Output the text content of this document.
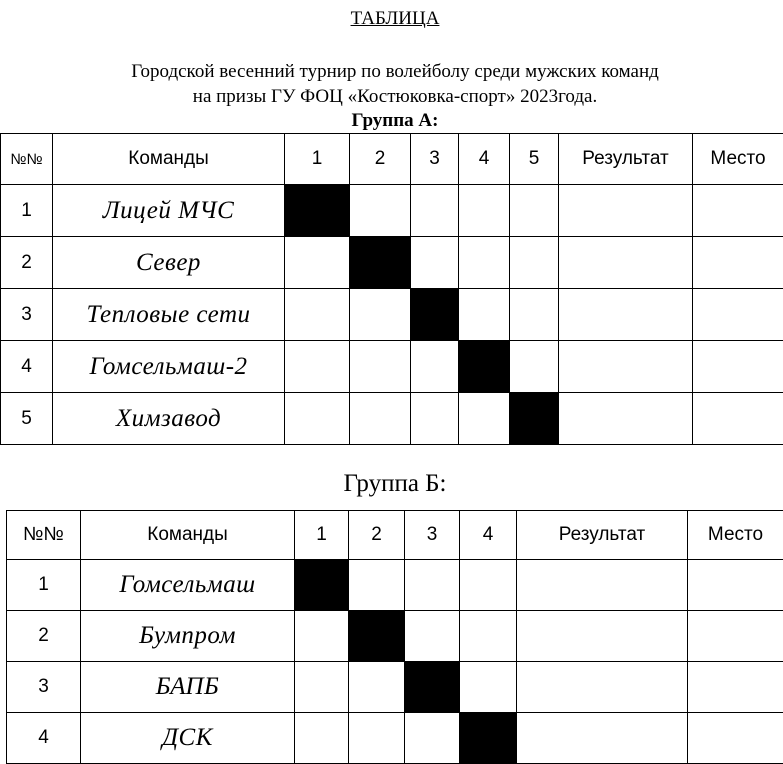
ТАБЛИЦА
Городской весенний турнир по волейболу среди мужских команд
на призы ГУ ФОЦ «Костюковка-спорт» 2023года.
Группа А:
№№	Команды	1	2	3	4	5	Результат	Место
1	Лицей МЧС							
2	Север							
3	Тепловые сети							
4	Гомсельмаш-2							
5	Химзавод							
Группа Б:
№№	Команды	1	2	3	4	Результат	Место
1	Гомсельмаш						
2	Бумпром						
3	БАПБ						
4	ДСК						
